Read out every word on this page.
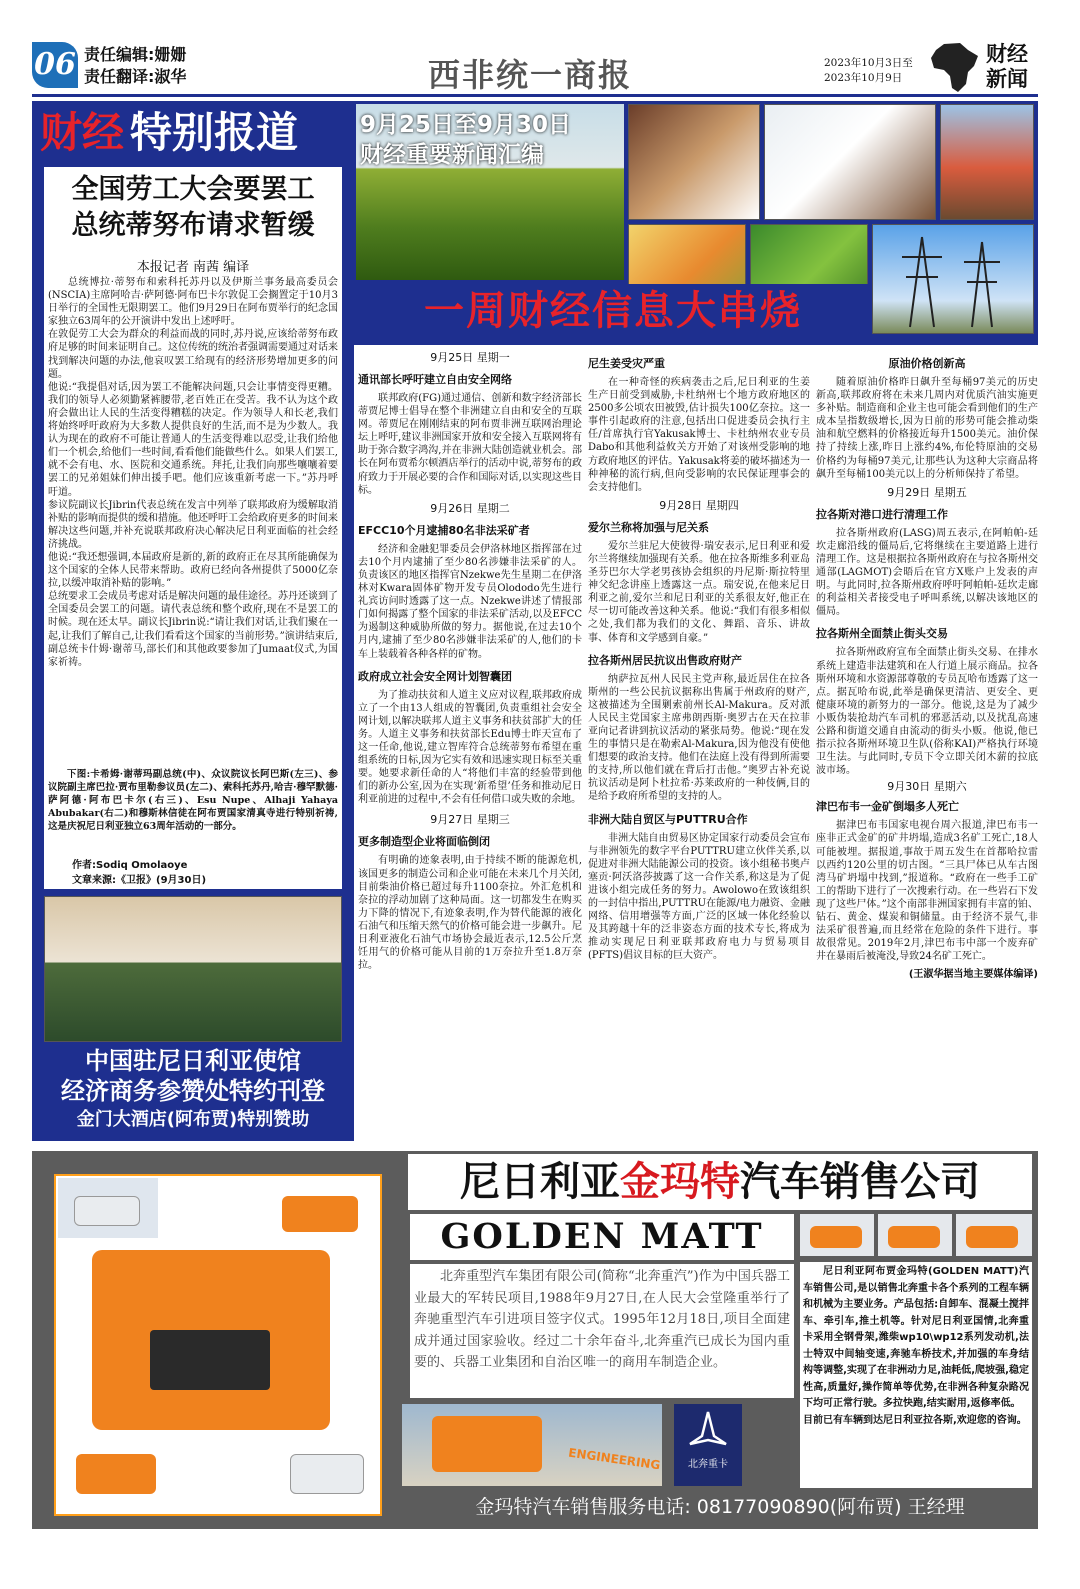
06 责任编辑:姗姗
责任翻译:淑华	西非统一商报	2023年10月3日至
2023年10月9日
财经
新闻
财经 特别报道
全国劳工大会要罢工
总统蒂努布请求暂缓
本报记者 南茜 编译
总统博拉·蒂努布和索科托苏丹以及伊斯兰事务最高委员会(NSCIA)主席阿哈吉·萨阿德·阿布巴卡尔敦促工会搁置定于10月3日举行的全国性无限期罢工。他们9月29日在阿布贾举行的纪念国家独立63周年的公开演讲中发出上述呼吁。
在敦促劳工大会为群众的利益而战的同时,苏丹说,应该给蒂努布政府足够的时间来证明自己。这位传统的统治者强调需要通过对话来找到解决问题的办法,他哀叹罢工给现有的经济形势增加更多的问题。
他说:“我提倡对话,因为罢工不能解决问题,只会让事情变得更糟。我们的领导人必须勤紧裤腰带,老百姓正在受苦。我不认为这个政府会做出让人民的生活变得糟糕的决定。作为领导人和长老,我们将始终呼吁政府为大多数人提供良好的生活,而不是为少数人。我认为现在的政府不可能让普通人的生活变得难以忍受,让我们给他们一个机会,给他们一些时间,看看他们能做些什么。如果人们罢工,就不会有电、水、医院和交通系统。拜托,让我们向那些嚷嚷着要罢工的兄弟姐妹们伸出援手吧。他们应该重新考虑一下。”苏丹呼吁道。
参议院副议长Jibrin代表总统在发言中列举了联邦政府为缓解取消补贴的影响而提供的缓和措施。他还呼吁工会给政府更多的时间来解决这些问题,并补充说联邦政府决心解决尼日利亚面临的社会经济挑战。
他说:“我还想强调,本届政府是新的,新的政府正在尽其所能确保为这个国家的全体人民带来帮助。政府已经向各州提供了5000亿奈拉,以缓冲取消补贴的影响。”
总统要求工会成员考虑对话是解决问题的最佳途径。苏丹还谈到了全国委员会罢工的问题。请代表总统和整个政府,现在不是罢工的时候。现在还太早。副议长Jibrin说:“请让我们对话,让我们聚在一起,让我们了解自己,让我们看看这个国家的当前形势。”演讲结束后,副总统卡什姆·谢蒂马,部长们和其他政要参加了Jumaat仪式,为国家祈祷。
下图:卡希姆·谢蒂玛副总统(中)、众议院议长阿巴斯(左三)、参议院副主席巴拉·贾布里勒参议员(左二)、索科托苏丹,哈吉·穆罕默德·萨阿德·阿布巴卡尔(右三)、Esu Nupe、Alhaji Yahaya Abubakar(右二)和穆斯林信徒在阿布贾国家清真寺进行特别祈祷,这是庆祝尼日利亚独立63周年活动的一部分。
作者:Sodiq Omolaoye
文章来源:《卫报》(9月30日)
中国驻尼日利亚使馆
经济商务参赞处特约刊登
金门大酒店(阿布贾)特别赞助
9月25日至9月30日
财经重要新闻汇编
一周财经信息大串烧
9月25日 星期一
通讯部长呼吁建立自由安全网络
联邦政府(FG)通过通信、创新和数字经济部长蒂贾尼博士倡导在整个非洲建立自由和安全的互联网。蒂贾尼在刚刚结束的阿布贾非洲互联网治理论坛上呼吁,建议非洲国家开放和安全接入互联网将有助于弥合数字鸿沟,并在非洲大陆创造就业机会。部长在阿布贾希尔顿酒店举行的活动中说,蒂努布的政府致力于开展必要的合作和国际对话,以实现这些目标。
9月26日 星期二
EFCC10个月逮捕80名非法采矿者
经济和金融犯罪委员会伊洛林地区指挥部在过去10个月内逮捕了至少80名涉嫌非法采矿的人。负责该区的地区指挥官Nzekwe先生星期二在伊洛林对Kwara固体矿物开发专员Olododo先生进行礼宾访问时透露了这一点。Nzekwe讲述了情报部门如何揭露了整个国家的非法采矿活动,以及EFCC为遏制这种威胁所做的努力。据他说,在过去10个月内,逮捕了至少80名涉嫌非法采矿的人,他们的卡车上装载着各种各样的矿物。
政府成立社会安全网计划智囊团
为了推动扶贫和人道主义应对议程,联邦政府成立了一个由13人组成的智囊团,负责重组社会安全网计划,以解决联邦人道主义事务和扶贫部扩大的任务。人道主义事务和扶贫部长Edu博士昨天宣布了这一任命,他说,建立智库符合总统蒂努布希望在重组系统的日标,因为它实有效和迅速实现日标至关重要。她要求新任命的人“将他们丰富的经验带到他们的新办公室,因为在实现‘新希望’任务和推动尼日利亚前进的过程中,不会有任何借口或失败的余地。
9月27日 星期三
更多制造型企业将面临倒闭
有明确的迹象表明,由于持续不断的能源危机,该国更多的制造公司和企业可能在未来几个月关闭,目前柴油价格已超过每升1100奈拉。外汇危机和奈拉的浮动加剧了这种局面。这一切都发生在购买力下降的情况下,有迹象表明,作为替代能源的液化石油气和压缩天然气的价格可能会进一步飙升。尼日利亚液化石油气市场协会最近表示,12.5公斤烹饪用气的价格可能从目前的1万奈拉升至1.8万奈拉。
尼生姜受灾严重
在一种奇怪的疾病袭击之后,尼日利亚的生姜生产日前受到威胁,卡杜纳州七个地方政府地区的2500多公顷农田被毁,估计损失100亿奈拉。这一事件引起政府的注意,包括出口促进委员会执行主任/首席执行官Yakusak博士、卡杜纳州农业专员Dabo和其他利益攸关方开始了对该州受影响的地方政府地区的评估。Yakusak将姜的破坏描述为一种神秘的流行病,但向受影响的农民保证理事会的会支持他们。
9月28日 星期四
爱尔兰称将加强与尼关系
爱尔兰驻尼大使彼得·瑞安表示,尼日利亚和爱尔兰将继续加强现有关系。他在拉各斯维多利亚岛圣芬巴尔大学老男孩协会组织的丹尼斯·斯拉特里神父纪念讲座上透露这一点。瑞安说,在他来尼日利亚之前,爱尔兰和尼日利亚的关系很友好,他正在尽一切可能改善这种关系。他说:“我们有很多相似之处,我们都为我们的文化、舞蹈、音乐、讲故事、体育和文学感到自豪。”
拉各斯州居民抗议出售政府财产
纳萨拉瓦州人民民主党声称,最近居住在拉各斯州的一些公民抗议据称出售属于州政府的财产,这被描述为全围剿索前州长Al-Makura。反对派人民民主党国家主席弗朗西斯·奥罗古在天在拉菲亚向记者讲到抗议活动的紧张局势。他说:“现在发生的事情只是在勒索Al-Makura,因为他没有使他们想要的政治支持。他们在法庭上没有得到所需要的支持,所以他们就在背后打击他。”奥罗古补充说抗议活动是阿卜杜拉希·苏莱政府的一种伎俩,目的是给予政府所希望的支持的人。
非洲大陆自贸区与PUTTRU合作
非洲大陆自由贸易区协定国家行动委员会宣布与非洲领先的数字平台PUTTRU建立伙伴关系,以促进对非洲大陆能源公司的投资。该小组秘书奥卢塞贡·阿沃洛莎披露了这一合作关系,称这是为了促进该小组完成任务的努力。Awolowo在致该组织的一封信中指出,PUTTRU在能源/电力融资、金融网络、信用增强等方面,广泛的区域一体化经验以及其跨越十年的泛非姿态方面的技术专长,将成为推动实现尼日利亚联邦政府电力与贸易项目(PFTS)倡议目标的巨大资产。
原油价格创新高
随着原油价格昨日飙升至每桶97美元的历史新高,联邦政府将在未来几周内对优质汽油实施更多补贴。制造商和企业主也可能会看到他们的生产成本呈指数级增长,因为日前的形势可能会推动柴油和航空燃料的价格接近每升1500美元。油价保持了持续上涨,昨日上涨约4%,布伦特原油的交易价格约为每桶97美元,让那些认为这种大宗商品将飙升至每桶100美元以上的分析师保持了希望。
9月29日 星期五
拉各斯对港口进行清理工作
拉各斯州政府(LASG)周五表示,在阿帕帕-廷坎走廊沿线的僵局后,它将继续在主要道路上进行清理工作。这是根据拉各斯州政府在与拉各斯州交通部(LAGMOT)会晤后在官方X账户上发表的声明。与此同时,拉各斯州政府呼吁阿帕帕-廷坎走廊的利益相关者接受电子呼叫系统,以解决该地区的僵局。
拉各斯州全面禁止街头交易
拉各斯州政府宣布全面禁止街头交易、在排水系统上建造非法建筑和在人行道上展示商品。拉各斯州环境和水资源部尊敬的专员瓦哈布透露了这一点。据瓦哈布说,此举是确保更清洁、更安全、更健康环境的新努力的一部分。他说,这是为了减少小贩伪装抢劫汽车司机的邪恶活动,以及扰乱高速公路和街道交通自由流动的街头小贩。他说,他已指示拉各斯州环境卫生队(俗称KAI)严格执行环境卫生法。与此同时,专员下令立即关闭木薪的拉底波市场。
9月30日 星期六
津巴布韦一金矿倒塌多人死亡
据津巴布韦国家电视台周六报道,津巴布韦一座非正式金矿的矿井坍塌,造成3名矿工死亡,18人可能被埋。据报道,事故于周五发生在首都哈拉雷以西约120公里的切古图。“三具尸体已从车古图湾马矿坍塌中找到,”报道称。“政府在一些手工矿工的帮助下进行了一次搜索行动。在一些岩石下发现了这些尸体。”这个南部非洲国家拥有丰富的铂、钻石、黄金、煤炭和铜储量。由于经济不景气,非法采矿很普遍,而且经常在危险的条件下进行。事故很常见。2019年2月,津巴布韦中部一个废弃矿井在暴雨后被淹没,导致24名矿工死亡。
(王淑华据当地主要媒体编译)
尼日利亚金玛特汽车销售公司
GOLDEN MATT
北奔重型汽车集团有限公司(简称“北奔重汽”)作为中国兵器工业最大的军转民项目,1988年9月27日,在人民大会堂隆重举行了奔驰重型汽车引进项目签字仪式。1995年12月18日,项目全面建成并通过国家验收。经过二十余年奋斗,北奔重汽已成长为国内重要的、兵器工业集团和自治区唯一的商用车制造企业。
ENGINEERING	北奔重卡
尼日利亚阿布贾金玛特(GOLDEN MATT)汽车销售公司,是以销售北奔重卡各个系列的工程车辆和机械为主要业务。产品包括:自卸车、混凝土搅拌车、牵引车,推土机等。针对尼日利亚国情,北奔重卡采用全钢骨架,潍柴wp10\wp12系列发动机,法士特双中间轴变速,奔驰车桥技术,并加强的车身结构等调整,实现了在非洲动力足,油耗低,爬坡强,稳定性高,质量好,操作简单等优势,在非洲各种复杂路况下均可正常行驶。多拉快跑,结实耐用,返修率低。
目前已有车辆到达尼日利亚拉各斯,欢迎您的咨询。
金玛特汽车销售服务电话: 08177090890(阿布贾) 王经理
